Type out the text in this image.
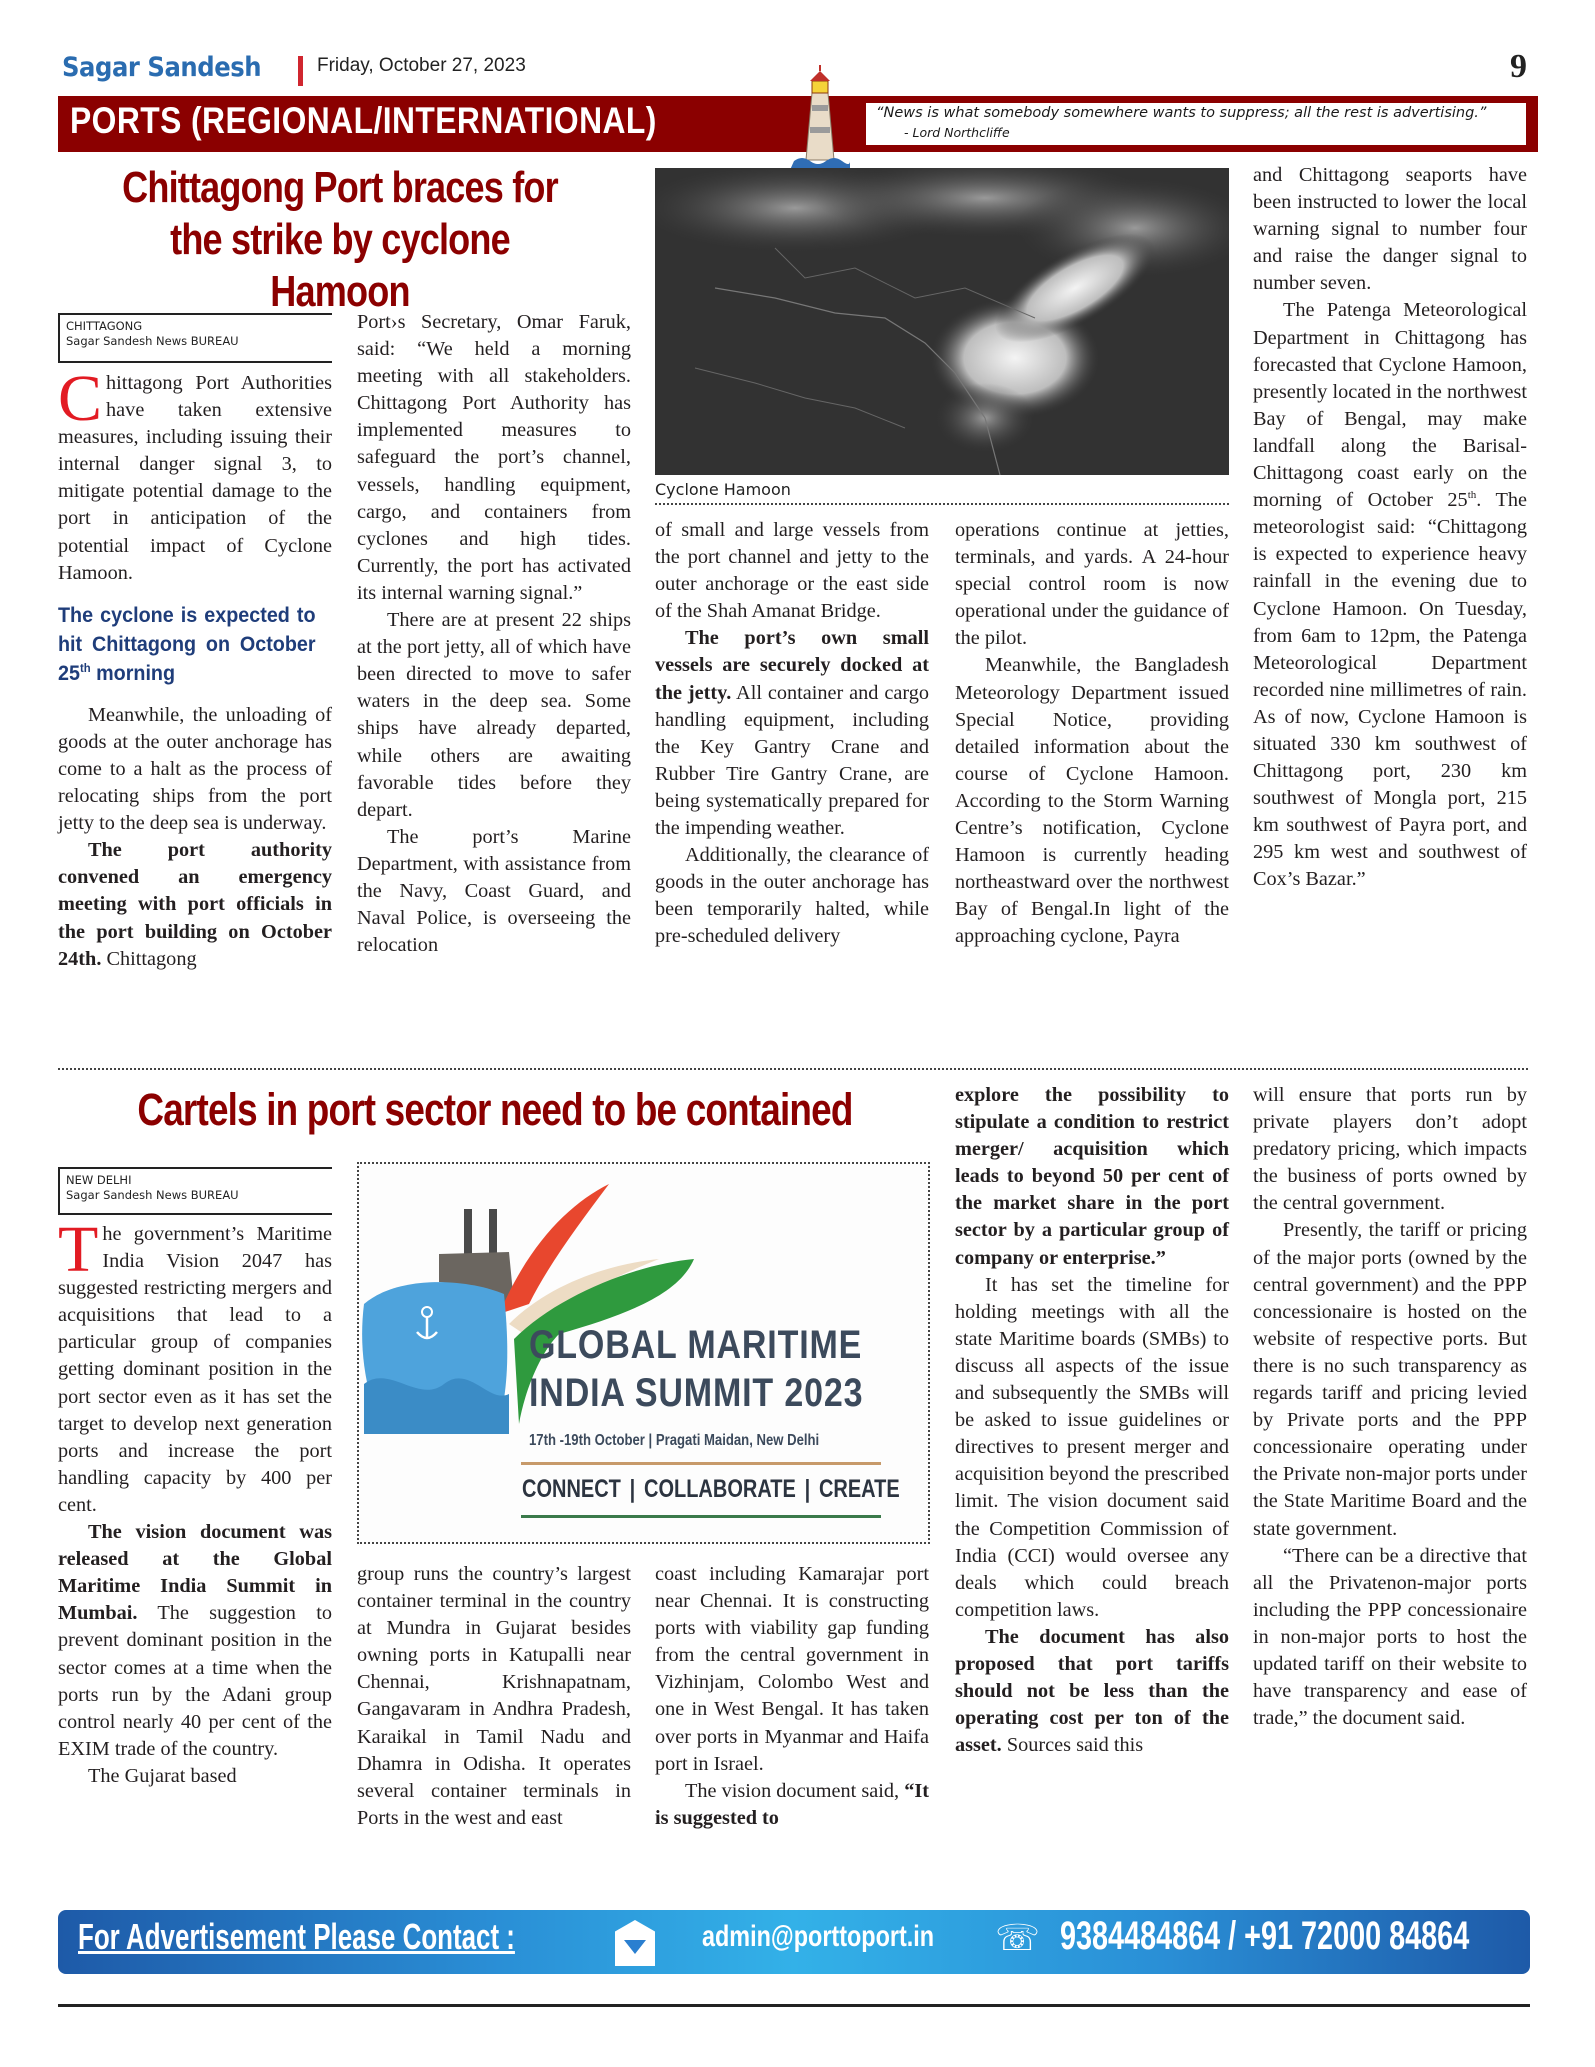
Sagar Sandesh	Friday, October 27, 2023	9
PORTS (REGIONAL/INTERNATIONAL)	“News is what somebody somewhere wants to suppress; all the rest is advertising.” - Lord Northcliffe
Chittagong Port braces for the strike by cyclone Hamoon
CHITTAGONG
Sagar Sandesh News BUREAU

Chittagong Port Authorities have taken extensive measures, including issuing their internal danger signal 3, to mitigate potential damage to the port in anticipation of the potential impact of Cyclone Hamoon.

The cyclone is expected to hit Chittagong on October 25th morning

Meanwhile, the unloading of goods at the outer anchorage has come to a halt as the process of relocating ships from the port jetty to the deep sea is underway.

The port authority convened an emergency meeting with port officials in the port building on October 24th. Chittagong

Port›s Secretary, Omar Faruk, said: “We held a morning meeting with all stakeholders. Chittagong Port Authority has implemented measures to safeguard the port’s channel, vessels, handling equipment, cargo, and containers from cyclones and high tides. Currently, the port has activated its internal warning signal.”

There are at present 22 ships at the port jetty, all of which have been directed to move to safer waters in the deep sea. Some ships have already departed, while others are awaiting favorable tides before they depart.

The port’s Marine Department, with assistance from the Navy, Coast Guard, and Naval Police, is overseeing the relocation

Cyclone Hamoon

of small and large vessels from the port channel and jetty to the outer anchorage or the east side of the Shah Amanat Bridge.

The port’s own small vessels are securely docked at the jetty. All container and cargo handling equipment, including the Key Gantry Crane and Rubber Tire Gantry Crane, are being systematically prepared for the impending weather.

Additionally, the clearance of goods in the outer anchorage has been temporarily halted, while pre-scheduled delivery

operations continue at jetties, terminals, and yards. A 24-hour special control room is now operational under the guidance of the pilot.

Meanwhile, the Bangladesh Meteorology Department issued Special Notice, providing detailed information about the course of Cyclone Hamoon. According to the Storm Warning Centre’s notification, Cyclone Hamoon is currently heading northeastward over the northwest Bay of Bengal.In light of the approaching cyclone, Payra

and Chittagong seaports have been instructed to lower the local warning signal to number four and raise the danger signal to number seven.

The Patenga Meteorological Department in Chittagong has forecasted that Cyclone Hamoon, presently located in the northwest Bay of Bengal, may make landfall along the Barisal-Chittagong coast early on the morning of October 25th. The meteorologist said: “Chittagong is expected to experience heavy rainfall in the evening due to Cyclone Hamoon. On Tuesday, from 6am to 12pm, the Patenga Meteorological Department recorded nine millimetres of rain. As of now, Cyclone Hamoon is situated 330 km southwest of Chittagong port, 230 km southwest of Mongla port, 215 km southwest of Payra port, and 295 km west and southwest of Cox’s Bazar.”

Cartels in port sector need to be contained
NEW DELHI
Sagar Sandesh News BUREAU

The government’s Maritime India Vision 2047 has suggested restricting mergers and acquisitions that lead to a particular group of companies getting dominant position in the port sector even as it has set the target to develop next generation ports and increase the port handling capacity by 400 per cent.

The vision document was released at the Global Maritime India Summit in Mumbai. The suggestion to prevent dominant position in the sector comes at a time when the ports run by the Adani group control nearly 40 per cent of the EXIM trade of the country.

The Gujarat based

GLOBAL MARITIME
INDIA SUMMIT 2023
17th -19th October | Pragati Maidan, New Delhi
CONNECT | COLLABORATE | CREATE

group runs the country’s largest container terminal in the country at Mundra in Gujarat besides owning ports in Katupalli near Chennai, Krishnapatnam, Gangavaram in Andhra Pradesh, Karaikal in Tamil Nadu and Dhamra in Odisha. It operates several container terminals in Ports in the west and east

coast including Kamarajar port near Chennai. It is constructing ports with viability gap funding from the central government in Vizhinjam, Colombo West and one in West Bengal. It has taken over ports in Myanmar and Haifa port in Israel.

The vision document said, “It is suggested to

explore the possibility to stipulate a condition to restrict merger/ acquisition which leads to beyond 50 per cent of the market share in the port sector by a particular group of company or enterprise.”

It has set the timeline for holding meetings with all the state Maritime boards (SMBs) to discuss all aspects of the issue and subsequently the SMBs will be asked to issue guidelines or directives to present merger and acquisition beyond the prescribed limit. The vision document said the Competition Commission of India (CCI) would oversee any deals which could breach competition laws.

The document has also proposed that port tariffs should not be less than the operating cost per ton of the asset. Sources said this

will ensure that ports run by private players don’t adopt predatory pricing, which impacts the business of ports owned by the central government.

Presently, the tariff or pricing of the major ports (owned by the central government) and the PPP concessionaire is hosted on the website of respective ports. But there is no such transparency as regards tariff and pricing levied by Private ports and the PPP concessionaire operating under the Private non-major ports under the State Maritime Board and the state government.

“There can be a directive that all the Privatenon-major ports including the PPP concessionaire in non-major ports to host the updated tariff on their website to have transparency and ease of trade,” the document said.

For Advertisement Please Contact :	admin@porttoport.in ☏ 9384484864 / +91 72000 84864
